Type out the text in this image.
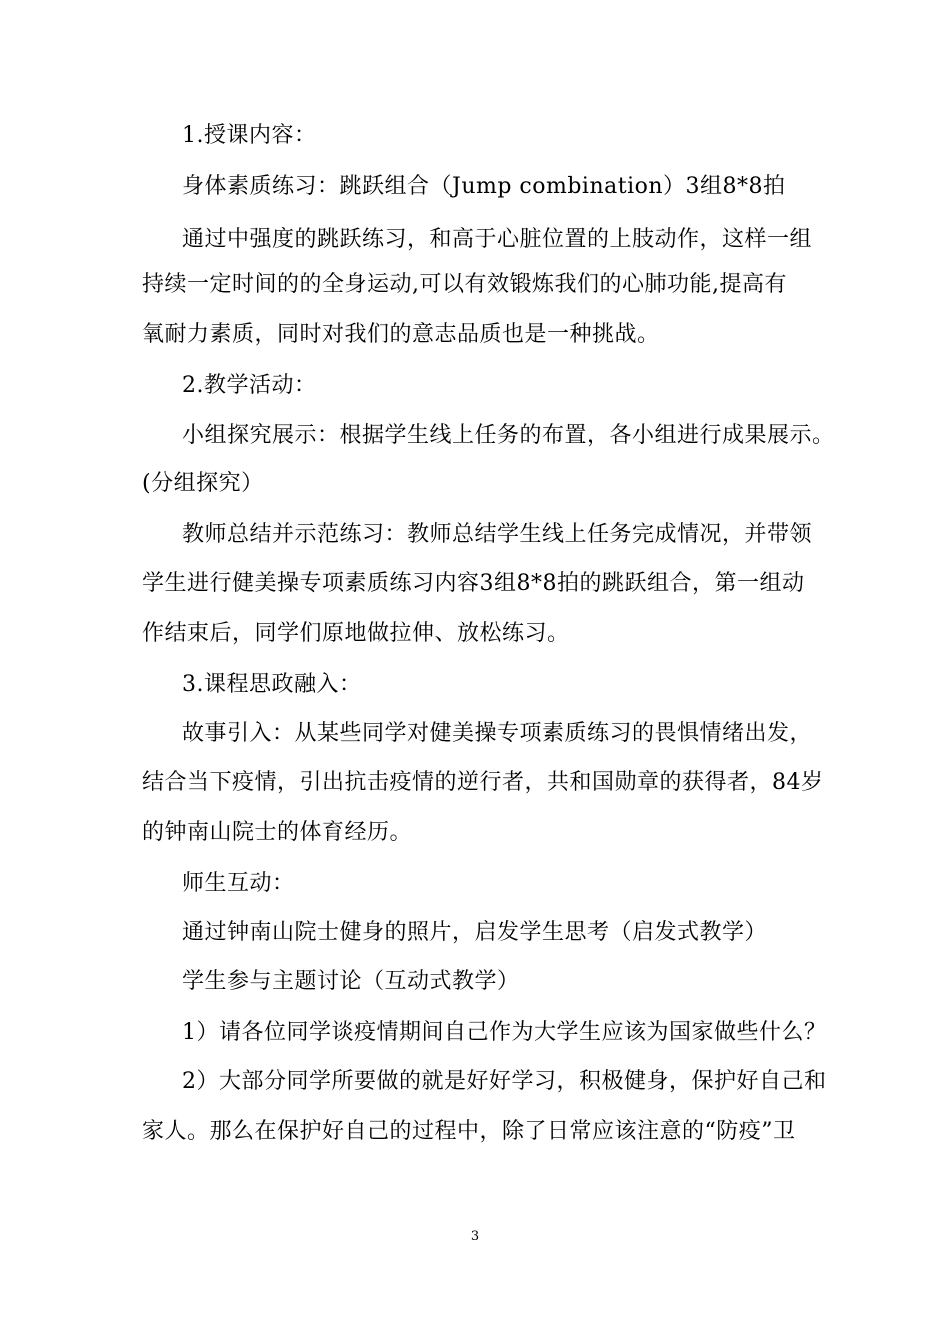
1.授课内容：
身体素质练习：跳跃组合（Jump combination）3组8*8拍
通过中强度的跳跃练习，和高于心脏位置的上肢动作，这样一组
持续一定时间的的全身运动,可以有效锻炼我们的心肺功能,提高有
氧耐力素质，同时对我们的意志品质也是一种挑战。
2.教学活动：
小组探究展示：根据学生线上任务的布置，各小组进行成果展示。
(分组探究）
教师总结并示范练习：教师总结学生线上任务完成情况，并带领
学生进行健美操专项素质练习内容3组8*8拍的跳跃组合，第一组动
作结束后，同学们原地做拉伸、放松练习。
3.课程思政融入：
故事引入：从某些同学对健美操专项素质练习的畏惧情绪出发，
结合当下疫情，引出抗击疫情的逆行者，共和国勋章的获得者，84岁
的钟南山院士的体育经历。
师生互动：
通过钟南山院士健身的照片，启发学生思考（启发式教学）
学生参与主题讨论（互动式教学）
1）请各位同学谈疫情期间自己作为大学生应该为国家做些什么？
2）大部分同学所要做的就是好好学习，积极健身，保护好自己和
家人。那么在保护好自己的过程中，除了日常应该注意的“防疫”卫
3
